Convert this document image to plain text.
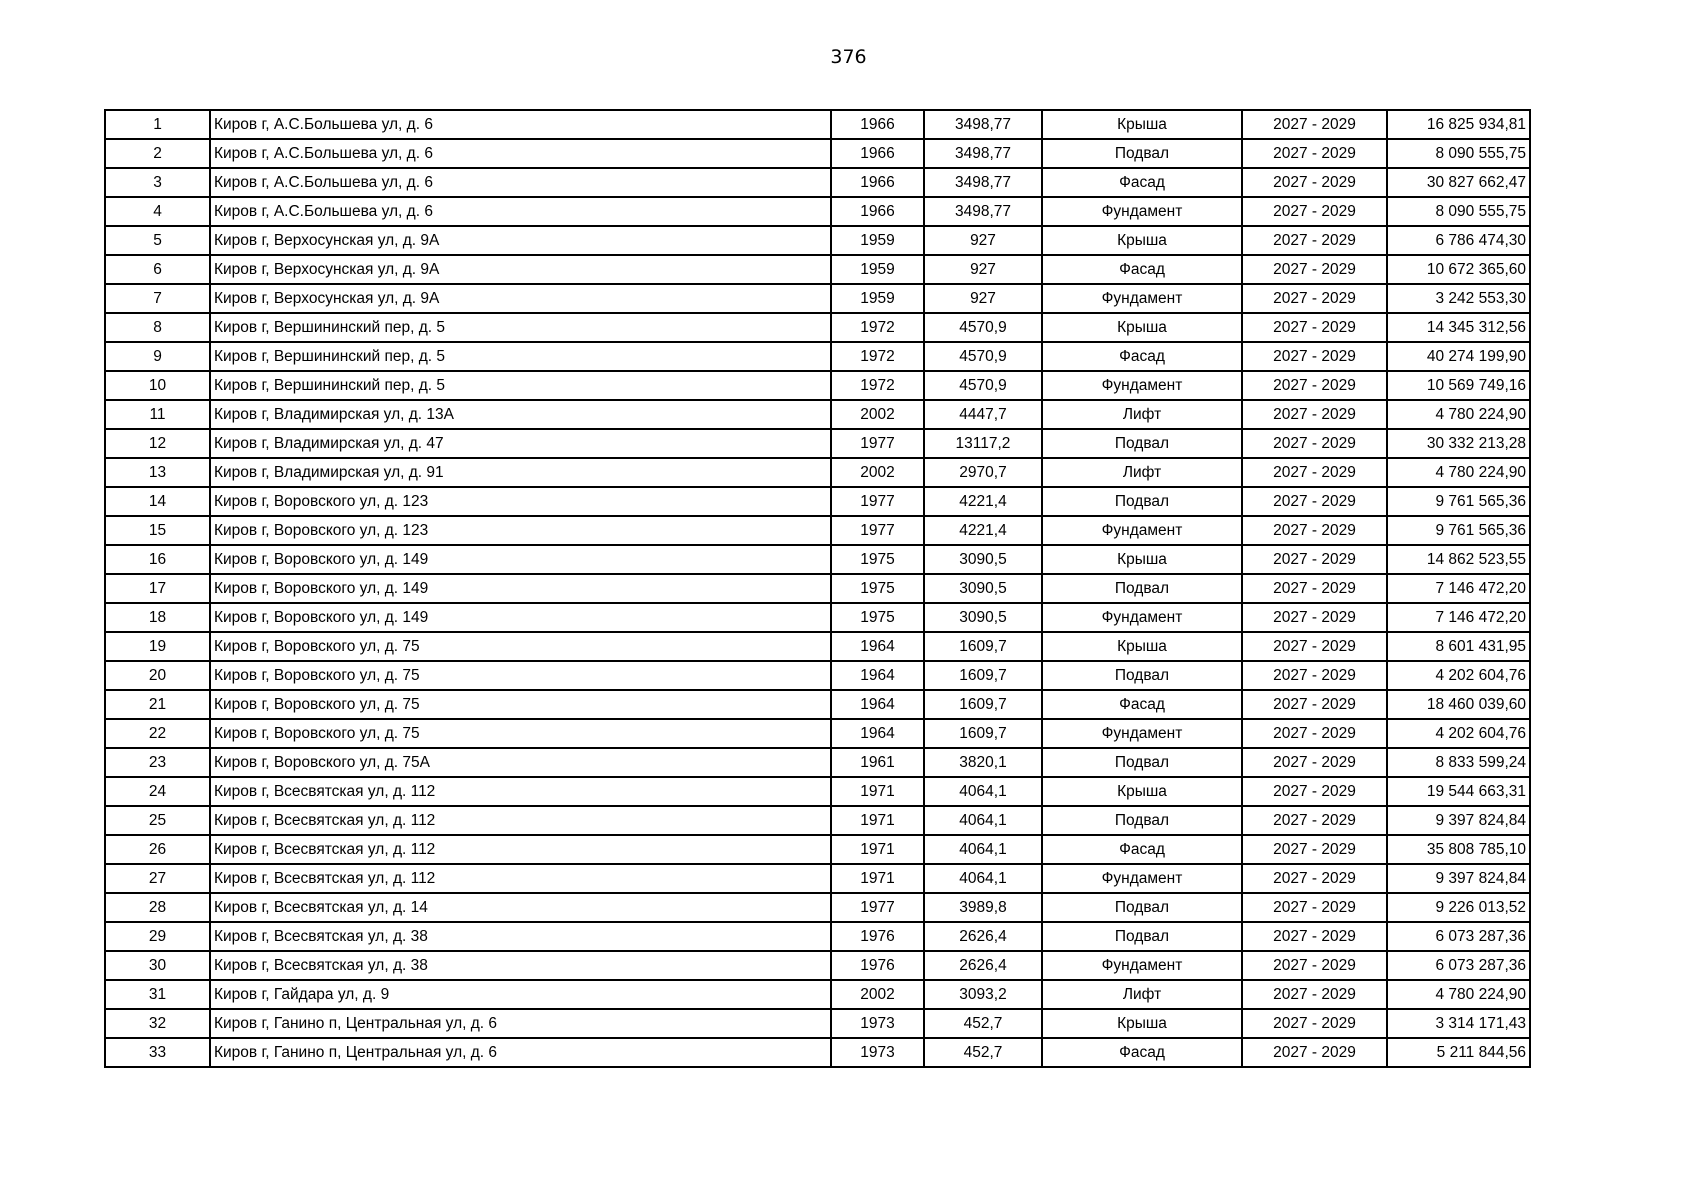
376
1	Киров г, А.С.Большева ул, д. 6	1966	3498,77	Крыша	2027 - 2029	16 825 934,81
2	Киров г, А.С.Большева ул, д. 6	1966	3498,77	Подвал	2027 - 2029	8 090 555,75
3	Киров г, А.С.Большева ул, д. 6	1966	3498,77	Фасад	2027 - 2029	30 827 662,47
4	Киров г, А.С.Большева ул, д. 6	1966	3498,77	Фундамент	2027 - 2029	8 090 555,75
5	Киров г, Верхосунская ул, д. 9А	1959	927	Крыша	2027 - 2029	6 786 474,30
6	Киров г, Верхосунская ул, д. 9А	1959	927	Фасад	2027 - 2029	10 672 365,60
7	Киров г, Верхосунская ул, д. 9А	1959	927	Фундамент	2027 - 2029	3 242 553,30
8	Киров г, Вершининский пер, д. 5	1972	4570,9	Крыша	2027 - 2029	14 345 312,56
9	Киров г, Вершининский пер, д. 5	1972	4570,9	Фасад	2027 - 2029	40 274 199,90
10	Киров г, Вершининский пер, д. 5	1972	4570,9	Фундамент	2027 - 2029	10 569 749,16
11	Киров г, Владимирская ул, д. 13А	2002	4447,7	Лифт	2027 - 2029	4 780 224,90
12	Киров г, Владимирская ул, д. 47	1977	13117,2	Подвал	2027 - 2029	30 332 213,28
13	Киров г, Владимирская ул, д. 91	2002	2970,7	Лифт	2027 - 2029	4 780 224,90
14	Киров г, Воровского ул, д. 123	1977	4221,4	Подвал	2027 - 2029	9 761 565,36
15	Киров г, Воровского ул, д. 123	1977	4221,4	Фундамент	2027 - 2029	9 761 565,36
16	Киров г, Воровского ул, д. 149	1975	3090,5	Крыша	2027 - 2029	14 862 523,55
17	Киров г, Воровского ул, д. 149	1975	3090,5	Подвал	2027 - 2029	7 146 472,20
18	Киров г, Воровского ул, д. 149	1975	3090,5	Фундамент	2027 - 2029	7 146 472,20
19	Киров г, Воровского ул, д. 75	1964	1609,7	Крыша	2027 - 2029	8 601 431,95
20	Киров г, Воровского ул, д. 75	1964	1609,7	Подвал	2027 - 2029	4 202 604,76
21	Киров г, Воровского ул, д. 75	1964	1609,7	Фасад	2027 - 2029	18 460 039,60
22	Киров г, Воровского ул, д. 75	1964	1609,7	Фундамент	2027 - 2029	4 202 604,76
23	Киров г, Воровского ул, д. 75А	1961	3820,1	Подвал	2027 - 2029	8 833 599,24
24	Киров г, Всесвятская ул, д. 112	1971	4064,1	Крыша	2027 - 2029	19 544 663,31
25	Киров г, Всесвятская ул, д. 112	1971	4064,1	Подвал	2027 - 2029	9 397 824,84
26	Киров г, Всесвятская ул, д. 112	1971	4064,1	Фасад	2027 - 2029	35 808 785,10
27	Киров г, Всесвятская ул, д. 112	1971	4064,1	Фундамент	2027 - 2029	9 397 824,84
28	Киров г, Всесвятская ул, д. 14	1977	3989,8	Подвал	2027 - 2029	9 226 013,52
29	Киров г, Всесвятская ул, д. 38	1976	2626,4	Подвал	2027 - 2029	6 073 287,36
30	Киров г, Всесвятская ул, д. 38	1976	2626,4	Фундамент	2027 - 2029	6 073 287,36
31	Киров г, Гайдара ул, д. 9	2002	3093,2	Лифт	2027 - 2029	4 780 224,90
32	Киров г, Ганино п, Центральная ул, д. 6	1973	452,7	Крыша	2027 - 2029	3 314 171,43
33	Киров г, Ганино п, Центральная ул, д. 6	1973	452,7	Фасад	2027 - 2029	5 211 844,56
